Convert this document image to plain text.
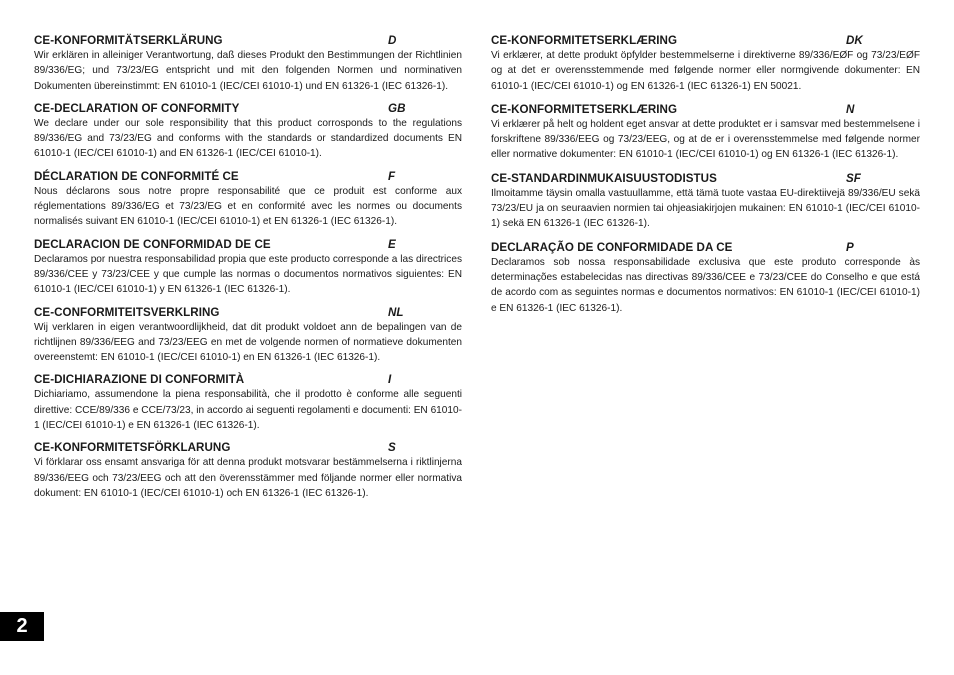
CE-KONFORMITÄTSERKLÄRUNG	D

Wir erklären in alleiniger Verantwortung, daß dieses Produkt den Bestimmungen der Richtlinien 89/336/EG; und 73/23/EG entspricht und mit den folgenden Normen und norminativen Dokumenten übereinstimmt: EN 61010-1 (IEC/CEI 61010-1) und EN 61326-1 (IEC 61326-1).

CE-DECLARATION OF CONFORMITY	GB

We declare under our sole responsibility that this product corrosponds to the regulations 89/336/EG and 73/23/EG and conforms with the standards or standardized documents EN 61010-1 (IEC/CEI 61010-1) and EN 61326-1 (IEC/CEI 61010-1).

DÉCLARATION DE CONFORMITÉ CE	F

Nous déclarons sous notre propre responsabilité que ce produit est conforme aux réglementations 89/336/EG et 73/23/EG et en conformité avec les normes ou documents normalisés suivant EN 61010-1 (IEC/CEI 61010-1) et EN 61326-1 (IEC 61326-1).

DECLARACION DE CONFORMIDAD DE CE	E

Declaramos por nuestra responsabilidad propia que este producto corresponde a las directrices 89/336/CEE y 73/23/CEE y que cumple las normas o documentos normativos siguientes: EN 61010-1 (IEC/CEI 61010-1) y EN 61326-1 (IEC 61326-1).

CE-CONFORMITEITSVERKLRING	NL

Wij verklaren in eigen verantwoordlijkheid, dat dit produkt voldoet ann de bepalingen van de richtlijnen 89/336/EEG and 73/23/EEG en met de volgende normen of normatieve dokumenten overeenstemt: EN 61010-1 (IEC/CEI 61010-1) en EN 61326-1 (IEC 61326-1).

CE-DICHIARAZIONE DI CONFORMITÀ	I

Dichiariamo, assumendone la piena responsabilità, che il prodotto è conforme alle seguenti direttive: CCE/89/336 e CCE/73/23, in accordo ai seguenti regolamenti e documenti: EN 61010-1 (IEC/CEI 61010-1) e EN 61326-1 (IEC 61326-1).

CE-KONFORMITETSFÖRKLARUNG	S

Vi förklarar oss ensamt ansvariga för att denna produkt motsvarar bestämmelserna i riktlinjerna 89/336/EEG och 73/23/EEG och att den överensstämmer med följande normer eller normativa dokument: EN 61010-1 (IEC/CEI 61010-1) och EN 61326-1 (IEC 61326-1).

CE-KONFORMITETSERKLÆRING	DK

Vi erklærer, at dette produkt öpfylder bestemmelserne i direktiverne 89/336/EØF og 73/23/EØF og at det er overensstemmende med følgende normer eller normgivende dokumenter: EN 61010-1 (IEC/CEI 61010-1) og EN 61326-1 (IEC 61326-1) EN 50021.

CE-KONFORMITETSERKLÆRING	N

Vi erklærer på helt og holdent eget ansvar at dette produktet er i samsvar med bestemmelsene i forskriftene 89/336/EEG og 73/23/EEG, og at de er i overensstemmelse med følgende normer eller normative dokumenter: EN 61010-1 (IEC/CEI 61010-1) og EN 61326-1 (IEC 61326-1).

CE-STANDARDINMUKAISUUSTODISTUS	SF

Ilmoitamme täysin omalla vastuullamme, että tämä tuote vastaa EU-direktiivejä 89/336/EU sekä 73/23/EU ja on seuraavien normien tai ohjeasiakirjojen mukainen: EN 61010-1 (IEC/CEI 61010-1) sekä EN 61326-1 (IEC 61326-1).

DECLARAÇÃO DE CONFORMIDADE DA CE	P

Declaramos sob nossa responsabilidade exclusiva que este produto corresponde às determinações estabelecidas nas directivas 89/336/CEE e 73/23/CEE do Conselho e que está de acordo com as seguintes normas e documentos normativos: EN 61010-1 (IEC/CEI 61010-1) e EN 61326-1 (IEC 61326-1).

2
